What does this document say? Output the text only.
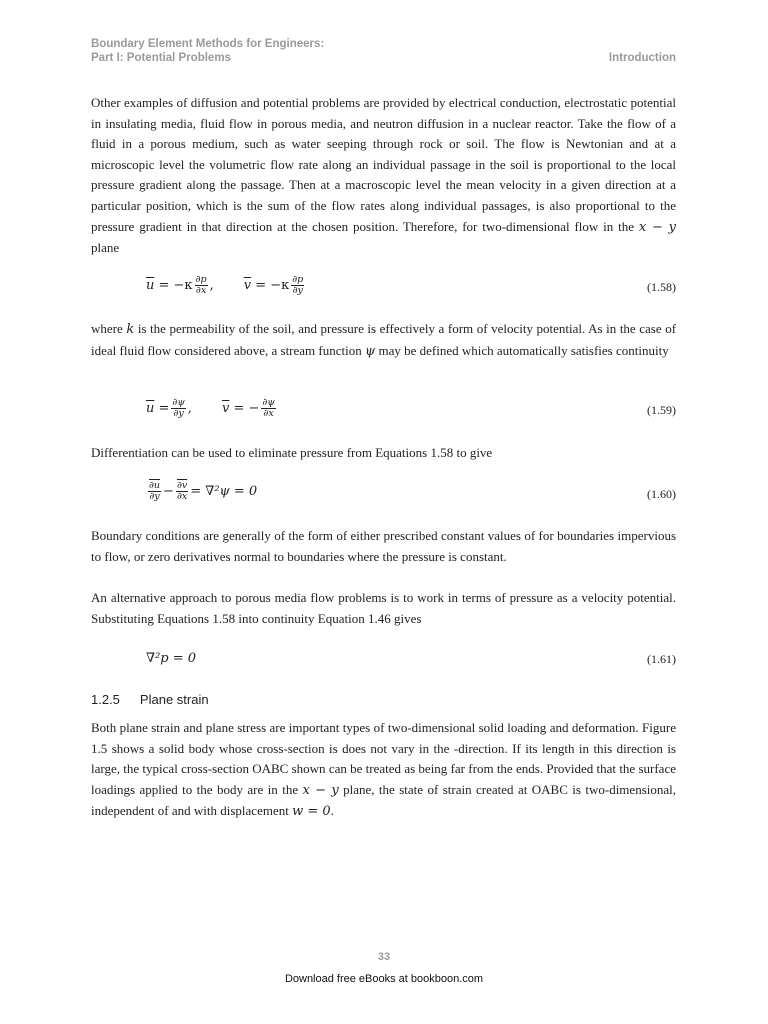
Boundary Element Methods for Engineers:
Part I: Potential Problems	Introduction
Other examples of diffusion and potential problems are provided by electrical conduction, electrostatic potential in insulating media, fluid flow in porous media, and neutron diffusion in a nuclear reactor. Take the flow of a fluid in a porous medium, such as water seeping through rock or soil. The flow is Newtonian and at a microscopic level the volumetric flow rate along an individual passage in the soil is proportional to the local pressure gradient along the passage. Then at a macroscopic level the mean velocity in a given direction at a particular position, which is the sum of the flow rates along individual passages, is also proportional to the pressure gradient in that direction at the chosen position. Therefore, for two-dimensional flow in the x − y plane
$\overline{u}$
= $-\kappa \frac{\partial p}{\partial x}$ , $\overline{v}$
= $-\kappa \frac{\partial p}{\partial y}$	(1.58)
where k is the permeability of the soil, and pressure is effectively a form of velocity potential. As in the case of ideal fluid flow considered above, a stream function ψ may be defined which automatically satisfies continuity
$\overline{u}$
= $\frac{\partial\psi}{\partial y}$ , $\overline{v}$
= − $\frac{\partial\psi}{\partial x}$	(1.59)
Differentiation can be used to eliminate pressure from Equations 1.58 to give
$\frac{\partial u}{\partial y} - \frac{\partial v}{\partial x} = \nabla^2\psi = 0$	(1.60)
Boundary conditions are generally of the form of either prescribed constant values of for boundaries impervious to flow, or zero derivatives normal to boundaries where the pressure is constant.
An alternative approach to porous media flow problems is to work in terms of pressure as a velocity potential. Substituting Equations 1.58 into continuity Equation 1.46 gives
∇²p = 0	(1.61)
1.2.5 Plane strain
Both plane strain and plane stress are important types of two-dimensional solid loading and deformation. Figure 1.5 shows a solid body whose cross-section is does not vary in the -direction. If its length in this direction is large, the typical cross-section OABC shown can be treated as being far from the ends. Provided that the surface loadings applied to the body are in the x − y plane, the state of strain created at OABC is two-dimensional, independent of and with displacement w = 0.
33
Download free eBooks at bookboon.com
